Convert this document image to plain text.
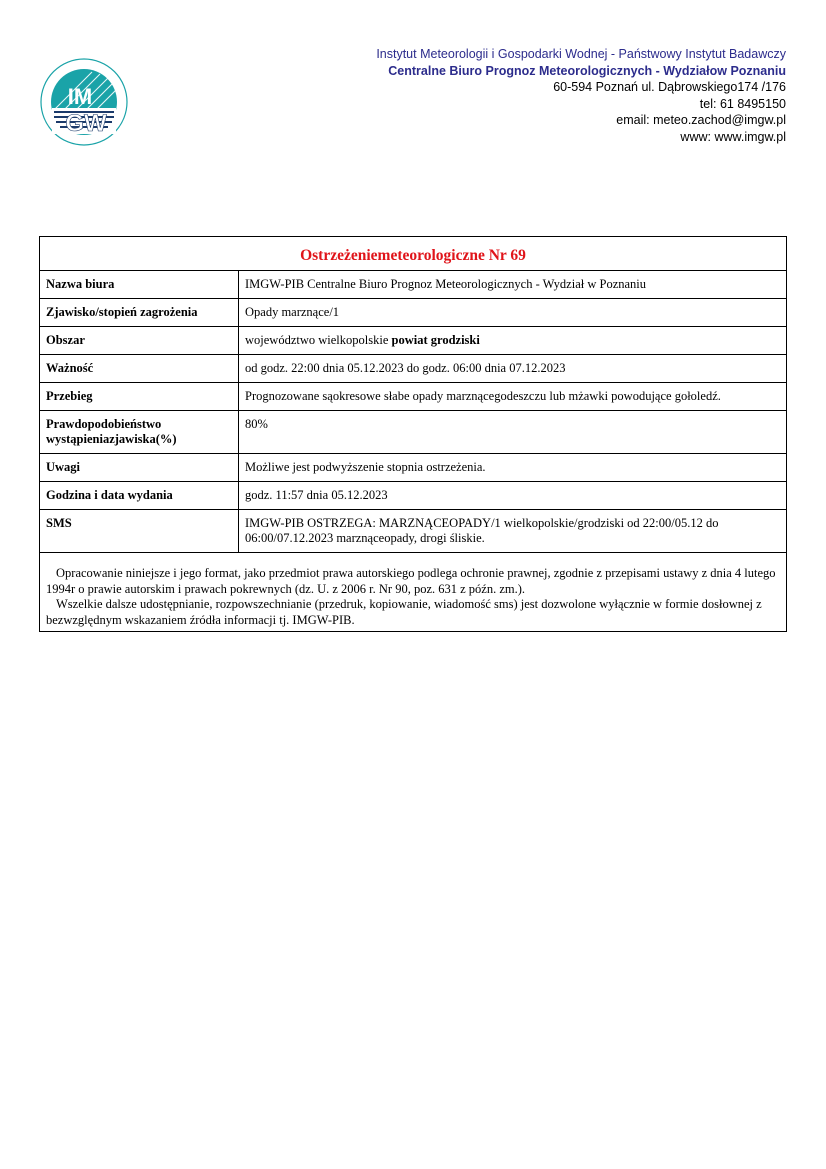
IM
GW
Instytut Meteorologii i Gospodarki Wodnej - Państwowy Instytut Badawczy
Centralne Biuro Prognoz Meteorologicznych - Wydziałow Poznaniu
60-594 Poznań ul. Dąbrowskiego174 /176
tel: 61 8495150
email: meteo.zachod@imgw.pl
www: www.imgw.pl
Ostrzeżeniemeteorologiczne Nr 69
Nazwa biura	IMGW-PIB Centralne Biuro Prognoz Meteorologicznych - Wydział w Poznaniu
Zjawisko/stopień zagrożenia	Opady marznące/1
Obszar	województwo wielkopolskie powiat grodziski
Ważność	od godz. 22:00 dnia 05.12.2023 do godz. 06:00 dnia 07.12.2023
Przebieg	Prognozowane sąokresowe słabe opady marznącegodeszczu lub mżawki powodujące gołoledź.
Prawdopodobieństwo wystąpieniazjawiska(%)	80%
Uwagi	Możliwe jest podwyższenie stopnia ostrzeżenia.
Godzina i data wydania	godz. 11:57 dnia 05.12.2023
SMS	IMGW-PIB OSTRZEGA: MARZNĄCEOPADY/1 wielkopolskie/grodziski od 22:00/05.12 do 06:00/07.12.2023 marznąceopady, drogi śliskie.

Opracowanie niniejsze i jego format, jako przedmiot prawa autorskiego podlega ochronie prawnej, zgodnie z przepisami ustawy z dnia 4 lutego 1994r o prawie autorskim i prawach pokrewnych (dz. U. z 2006 r. Nr 90, poz. 631 z późn. zm.).

Wszelkie dalsze udostępnianie, rozpowszechnianie (przedruk, kopiowanie, wiadomość sms) jest dozwolone wyłącznie w formie dosłownej z bezwzględnym wskazaniem źródła informacji tj. IMGW-PIB.
